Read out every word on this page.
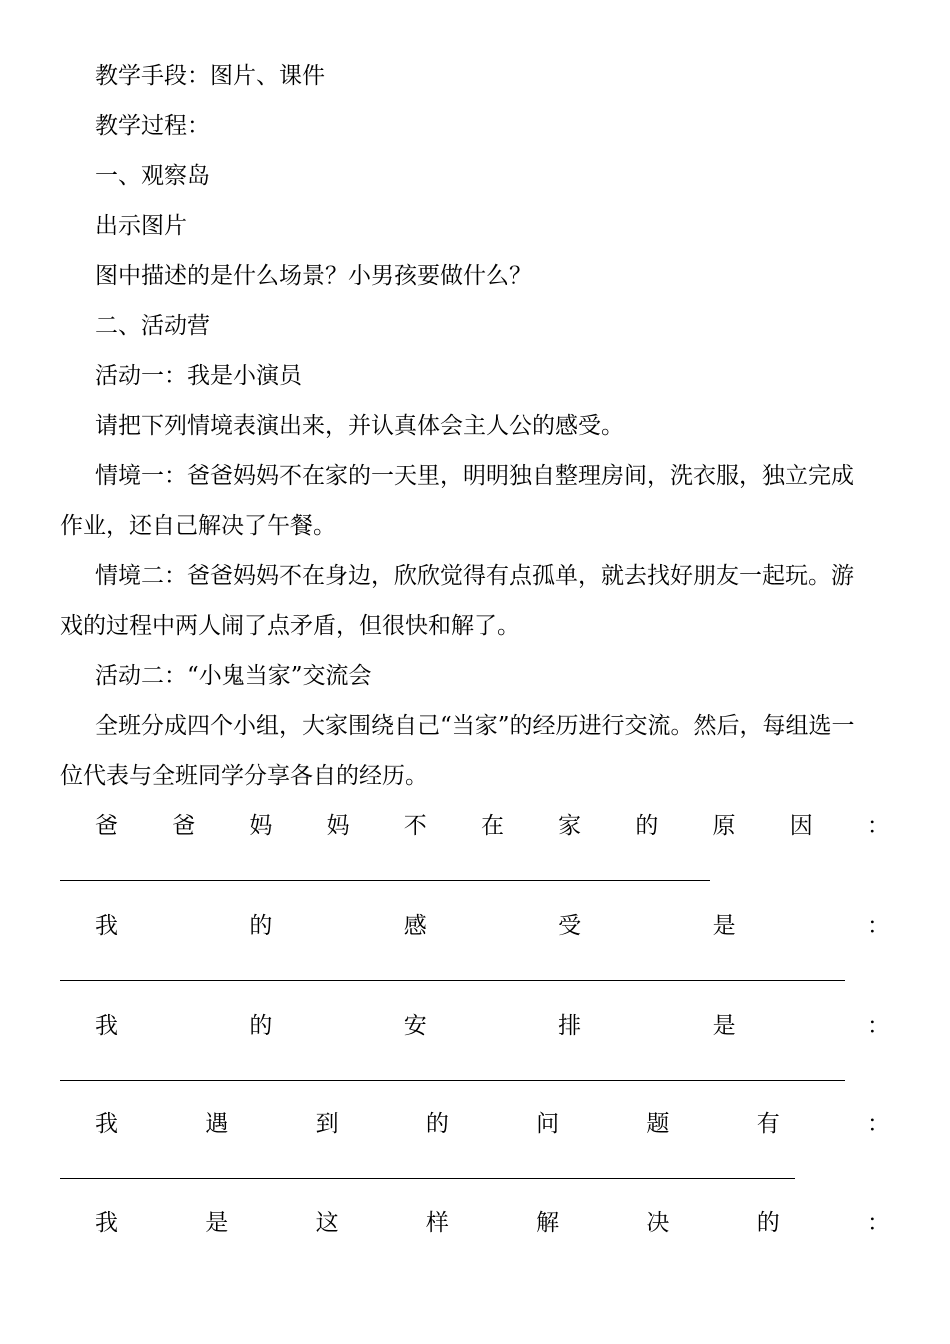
教学手段：图片、课件
教学过程：
一、观察岛
出示图片
图中描述的是什么场景？小男孩要做什么？
二、活动营
活动一：我是小演员
请把下列情境表演出来，并认真体会主人公的感受。
情境一：爸爸妈妈不在家的一天里，明明独自整理房间，洗衣服，独立完成
作业，还自己解决了午餐。
情境二：爸爸妈妈不在身边，欣欣觉得有点孤单，就去找好朋友一起玩。游
戏的过程中两人闹了点矛盾，但很快和解了。
活动二：“小鬼当家”交流会
全班分成四个小组，大家围绕自己“当家”的经历进行交流。然后，每组选一
位代表与全班同学分享各自的经历。
爸 爸 妈 妈 不 在 家 的 原 因 ：
我	的	感	受	是	：
我	的	安	排	是	：
我	遇	到	的	问	题	有	：
我	是	这	样	解	决	的	：
